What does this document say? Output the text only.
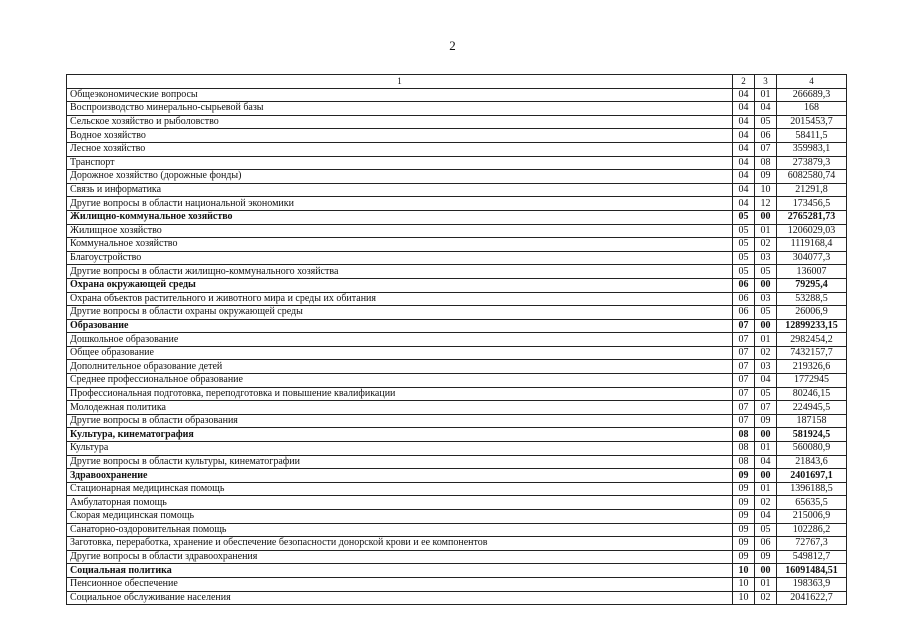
2
1	2	3	4
Общеэкономические вопросы	04	01	266689,3
Воспроизводство минерально-сырьевой базы	04	04	168
Сельское хозяйство и рыболовство	04	05	2015453,7
Водное хозяйство	04	06	58411,5
Лесное хозяйство	04	07	359983,1
Транспорт	04	08	273879,3
Дорожное хозяйство (дорожные фонды)	04	09	6082580,74
Связь и информатика	04	10	21291,8
Другие вопросы в области национальной экономики	04	12	173456,5
Жилищно-коммунальное хозяйство	05	00	2765281,73
Жилищное хозяйство	05	01	1206029,03
Коммунальное хозяйство	05	02	1119168,4
Благоустройство	05	03	304077,3
Другие вопросы в области жилищно-коммунального хозяйства	05	05	136007
Охрана окружающей среды	06	00	79295,4
Охрана объектов растительного и животного мира и среды их обитания	06	03	53288,5
Другие вопросы в области охраны окружающей среды	06	05	26006,9
Образование	07	00	12899233,15
Дошкольное образование	07	01	2982454,2
Общее образование	07	02	7432157,7
Дополнительное образование детей	07	03	219326,6
Среднее профессиональное образование	07	04	1772945
Профессиональная подготовка, переподготовка и повышение квалификации	07	05	80246,15
Молодежная политика	07	07	224945,5
Другие вопросы в области образования	07	09	187158
Культура, кинематография	08	00	581924,5
Культура	08	01	560080,9
Другие вопросы в области культуры, кинематографии	08	04	21843,6
Здравоохранение	09	00	2401697,1
Стационарная медицинская помощь	09	01	1396188,5
Амбулаторная помощь	09	02	65635,5
Скорая медицинская помощь	09	04	215006,9
Санаторно-оздоровительная помощь	09	05	102286,2
Заготовка, переработка, хранение и обеспечение безопасности донорской крови и ее компонентов	09	06	72767,3
Другие вопросы в области здравоохранения	09	09	549812,7
Социальная политика	10	00	16091484,51
Пенсионное обеспечение	10	01	198363,9
Социальное обслуживание населения	10	02	2041622,7
